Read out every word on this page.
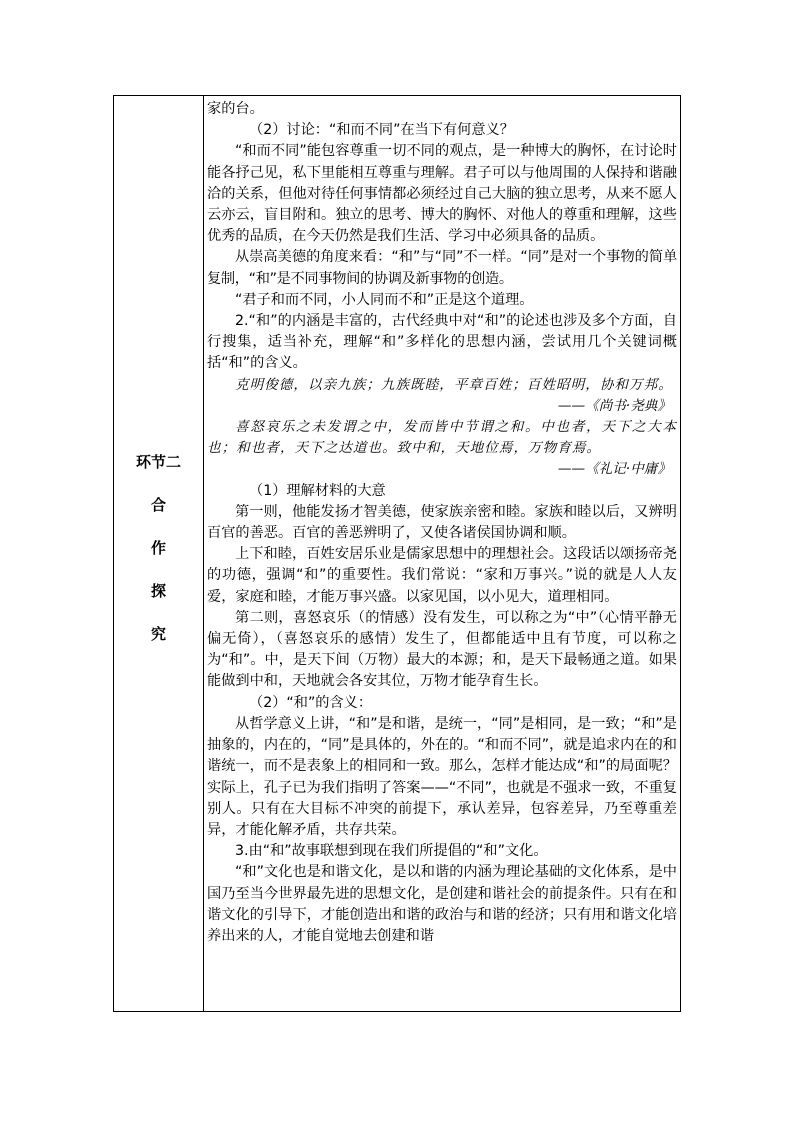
环节二
合
作
探
究

家的台。

（2）讨论：“和而不同”在当下有何意义？

“和而不同”能包容尊重一切不同的观点，是一种博大的胸怀，在讨论时能各抒己见，私下里能相互尊重与理解。君子可以与他周围的人保持和谐融洽的关系，但他对待任何事情都必须经过自己大脑的独立思考，从来不愿人云亦云，盲目附和。独立的思考、博大的胸怀、对他人的尊重和理解，这些优秀的品质，在今天仍然是我们生活、学习中必须具备的品质。

从崇高美德的角度来看：“和”与“同”不一样。“同”是对一个事物的简单复制，“和”是不同事物间的协调及新事物的创造。

“君子和而不同，小人同而不和”正是这个道理。

2.“和”的内涵是丰富的，古代经典中对“和”的论述也涉及多个方面，自行搜集，适当补充，理解“和”多样化的思想内涵，尝试用几个关键词概括“和”的含义。

克明俊德，以亲九族；九族既睦，平章百姓；百姓昭明，协和万邦。

——《尚书·尧典》

喜怒哀乐之未发谓之中，发而皆中节谓之和。中也者，天下之大本也；和也者，天下之达道也。致中和，天地位焉，万物育焉。

——《礼记·中庸》

（1）理解材料的大意

第一则，他能发扬才智美德，使家族亲密和睦。家族和睦以后，又辨明百官的善恶。百官的善恶辨明了，又使各诸侯国协调和顺。

上下和睦，百姓安居乐业是儒家思想中的理想社会。这段话以颂扬帝尧的功德，强调“和”的重要性。我们常说：“家和万事兴。”说的就是人人友爱，家庭和睦，才能万事兴盛。以家见国，以小见大，道理相同。

第二则，喜怒哀乐（的情感）没有发生，可以称之为“中”（心情平静无偏无倚），（喜怒哀乐的感情）发生了，但都能适中且有节度，可以称之为“和”。中，是天下间（万物）最大的本源；和，是天下最畅通之道。如果能做到中和，天地就会各安其位，万物才能孕育生长。

（2）“和”的含义：

从哲学意义上讲，“和”是和谐，是统一，“同”是相同，是一致；“和”是抽象的，内在的，“同”是具体的，外在的。“和而不同”，就是追求内在的和谐统一，而不是表象上的相同和一致。那么，怎样才能达成“和”的局面呢？实际上，孔子已为我们指明了答案——“不同”，也就是不强求一致，不重复别人。只有在大目标不冲突的前提下，承认差异，包容差异，乃至尊重差异，才能化解矛盾，共存共荣。

3.由“和”故事联想到现在我们所提倡的“和”文化。

“和”文化也是和谐文化，是以和谐的内涵为理论基础的文化体系，是中国乃至当今世界最先进的思想文化，是创建和谐社会的前提条件。只有在和谐文化的引导下，才能创造出和谐的政治与和谐的经济；只有用和谐文化培养出来的人，才能自觉地去创建和谐
